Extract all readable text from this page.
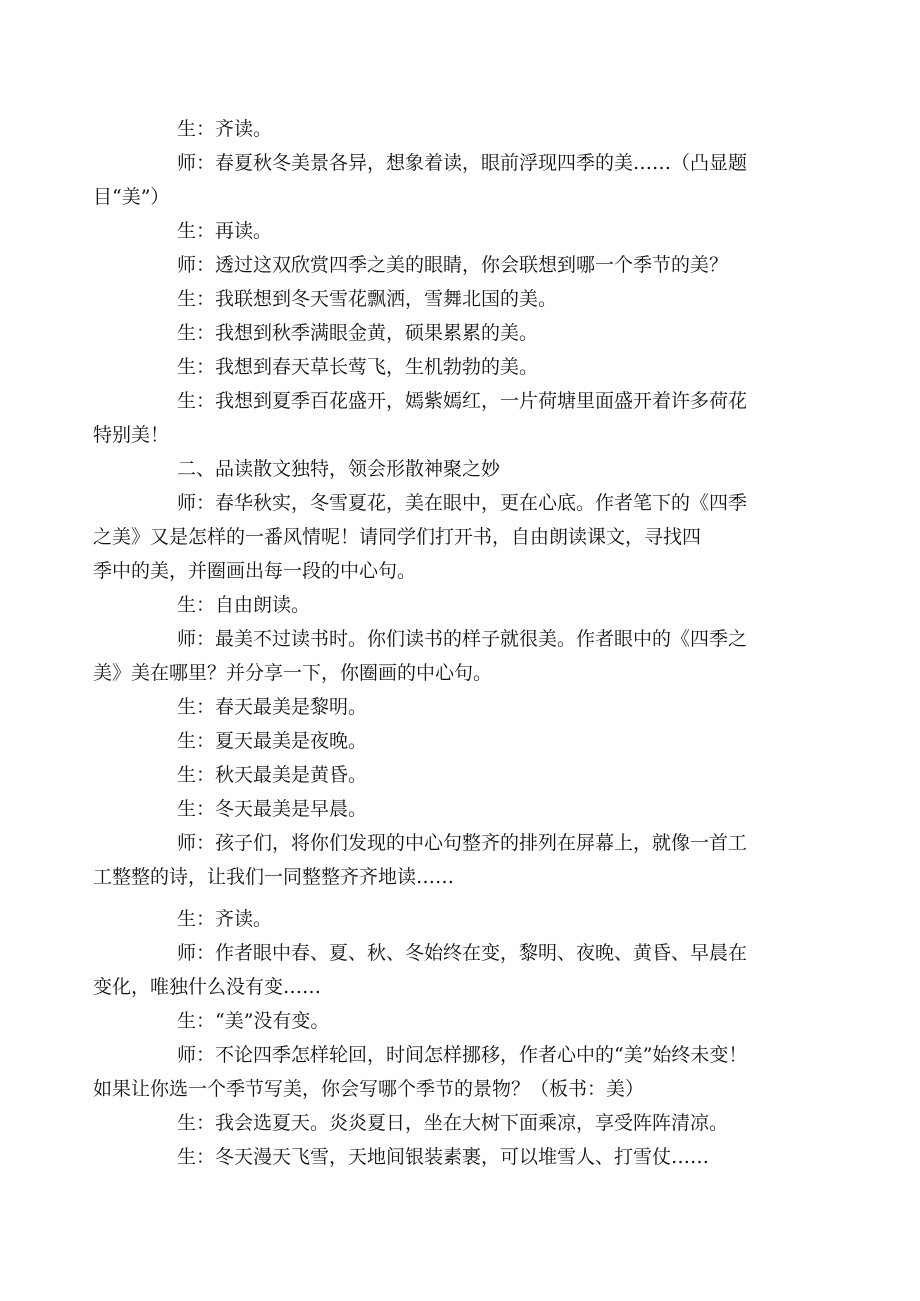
生：齐读。

师：春夏秋冬美景各异，想象着读，眼前浮现四季的美……（凸显题
目“美”）

生：再读。

师：透过这双欣赏四季之美的眼睛，你会联想到哪一个季节的美？

生：我联想到冬天雪花飘洒，雪舞北国的美。

生：我想到秋季满眼金黄，硕果累累的美。

生：我想到春天草长莺飞，生机勃勃的美。

生：我想到夏季百花盛开，嫣紫嫣红，一片荷塘里面盛开着许多荷花
特别美！

二、品读散文独特，领会形散神聚之妙

师：春华秋实，冬雪夏花，美在眼中，更在心底。作者笔下的《四季
之美》又是怎样的一番风情呢！请同学们打开书，自由朗读课文，寻找四
季中的美，并圈画出每一段的中心句。

生：自由朗读。

师：最美不过读书时。你们读书的样子就很美。作者眼中的《四季之
美》美在哪里？并分享一下，你圈画的中心句。

生：春天最美是黎明。

生：夏天最美是夜晚。

生：秋天最美是黄昏。

生：冬天最美是早晨。

师：孩子们，将你们发现的中心句整齐的排列在屏幕上，就像一首工
工整整的诗，让我们一同整整齐齐地读……

生：齐读。

师：作者眼中春、夏、秋、冬始终在变，黎明、夜晚、黄昏、早晨在
变化，唯独什么没有变……

生：“美”没有变。

师：不论四季怎样轮回，时间怎样挪移，作者心中的“美”始终未变！
如果让你选一个季节写美，你会写哪个季节的景物？（板书：美）

生：我会选夏天。炎炎夏日，坐在大树下面乘凉，享受阵阵清凉。

生：冬天漫天飞雪，天地间银装素裹，可以堆雪人、打雪仗……
